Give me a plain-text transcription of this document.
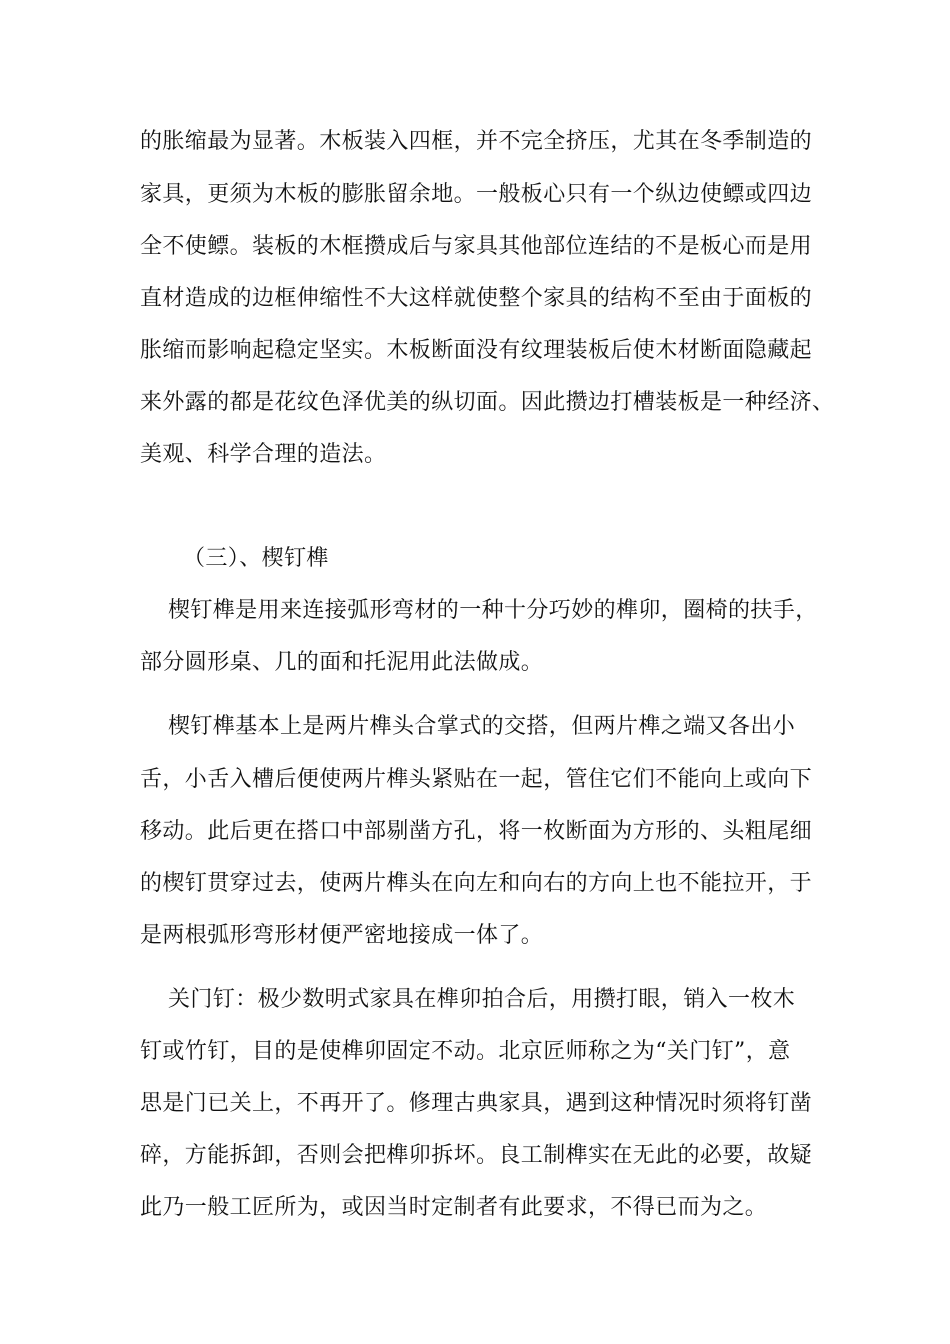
的胀缩最为显著。木板装入四框，并不完全挤压，尤其在冬季制造的
家具，更须为木板的膨胀留余地。一般板心只有一个纵边使鳔或四边
全不使鳔。装板的木框攒成后与家具其他部位连结的不是板心而是用
直材造成的边框伸缩性不大这样就使整个家具的结构不至由于面板的
胀缩而影响起稳定坚实。木板断面没有纹理装板后使木材断面隐藏起
来外露的都是花纹色泽优美的纵切面。因此攒边打槽装板是一种经济、
美观、科学合理的造法。
（三）、楔钉榫
楔钉榫是用来连接弧形弯材的一种十分巧妙的榫卯，圈椅的扶手，
部分圆形桌、几的面和托泥用此法做成。
楔钉榫基本上是两片榫头合掌式的交搭，但两片榫之端又各出小
舌，小舌入槽后便使两片榫头紧贴在一起，管住它们不能向上或向下
移动。此后更在搭口中部剔凿方孔，将一枚断面为方形的、头粗尾细
的楔钉贯穿过去，使两片榫头在向左和向右的方向上也不能拉开，于
是两根弧形弯形材便严密地接成一体了。
关门钉：极少数明式家具在榫卯拍合后，用攒打眼，销入一枚木
钉或竹钉，目的是使榫卯固定不动。北京匠师称之为“关门钉”，意
思是门已关上，不再开了。修理古典家具，遇到这种情况时须将钉凿
碎，方能拆卸，否则会把榫卯拆坏。良工制榫实在无此的必要，故疑
此乃一般工匠所为，或因当时定制者有此要求，不得已而为之。
